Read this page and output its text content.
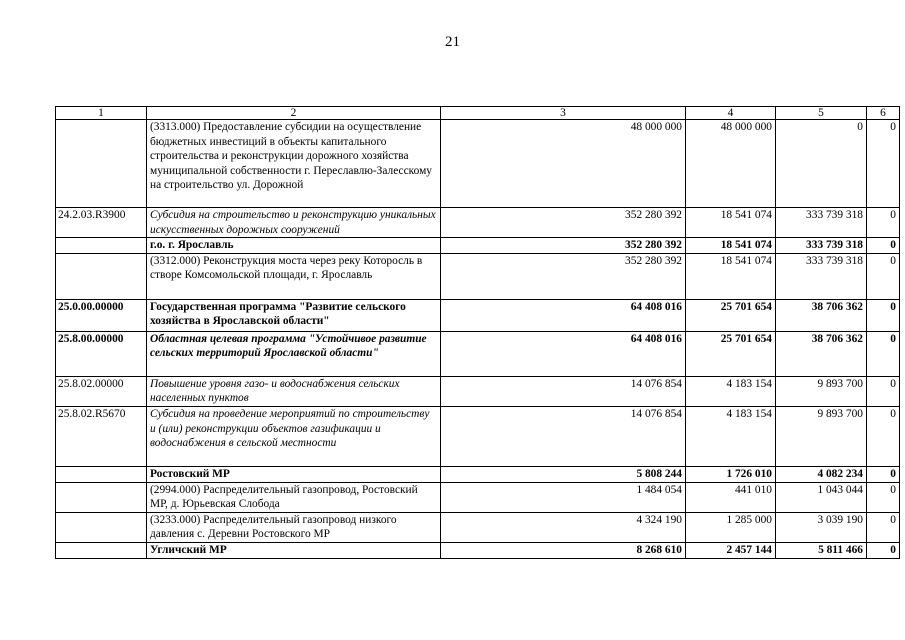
21
1	2	3	4	5	6
	(3313.000) Предоставление субсидии на осуществление бюджетных инвестиций в объекты капитального строительства и реконструкции дорожного хозяйства муниципальной собственности г. Переславлю-Залесскому на строительство ул. Дорожной	48 000 000	48 000 000	0	0
24.2.03.R3900	Субсидия на строительство и реконструкцию уникальных искусственных дорожных сооружений	352 280 392	18 541 074	333 739 318	0
	г.о. г. Ярославль	352 280 392	18 541 074	333 739 318	0
	(3312.000) Реконструкция моста через реку Которосль в створе Комсомольской площади, г. Ярославль	352 280 392	18 541 074	333 739 318	0
25.0.00.00000	Государственная программа "Развитие сельского хозяйства в Ярославской области"	64 408 016	25 701 654	38 706 362	0
25.8.00.00000	Областная целевая программа "Устойчивое развитие сельских территорий Ярославской области"	64 408 016	25 701 654	38 706 362	0
25.8.02.00000	Повышение уровня газо- и водоснабжения сельских населенных пунктов	14 076 854	4 183 154	9 893 700	0
25.8.02.R5670	Субсидия на проведение мероприятий по строительству и (или) реконструкции объектов газификации и водоснабжения в сельской местности	14 076 854	4 183 154	9 893 700	0
	Ростовский МР	5 808 244	1 726 010	4 082 234	0
	(2994.000) Распределительный газопровод, Ростовский МР, д. Юрьевская Слобода	1 484 054	441 010	1 043 044	0
	(3233.000) Распределительный газопровод низкого давления с. Деревни Ростовского МР	4 324 190	1 285 000	3 039 190	0
	Угличский МР	8 268 610	2 457 144	5 811 466	0
